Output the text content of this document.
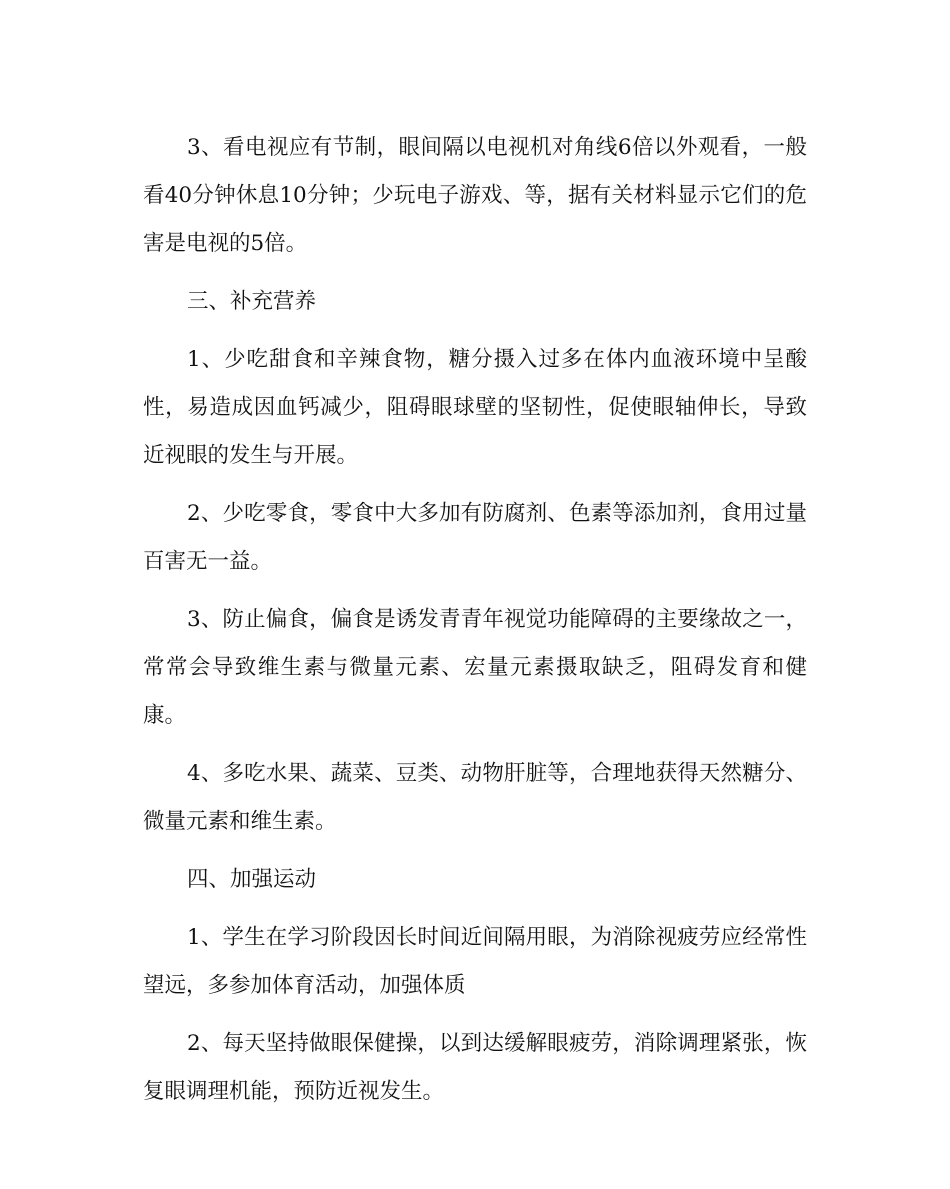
3、看电视应有节制，眼间隔以电视机对角线6倍以外观看，一般看40分钟休息10分钟；少玩电子游戏、等，据有关材料显示它们的危害是电视的5倍。

三、补充营养

1、少吃甜食和辛辣食物，糖分摄入过多在体内血液环境中呈酸性，易造成因血钙减少，阻碍眼球壁的坚韧性，促使眼轴伸长，导致近视眼的发生与开展。

2、少吃零食，零食中大多加有防腐剂、色素等添加剂，食用过量百害无一益。

3、防止偏食，偏食是诱发青青年视觉功能障碍的主要缘故之一，常常会导致维生素与微量元素、宏量元素摄取缺乏，阻碍发育和健康。

4、多吃水果、蔬菜、豆类、动物肝脏等，合理地获得天然糖分、微量元素和维生素。

四、加强运动

1、学生在学习阶段因长时间近间隔用眼，为消除视疲劳应经常性望远，多参加体育活动，加强体质

2、每天坚持做眼保健操，以到达缓解眼疲劳，消除调理紧张，恢复眼调理机能，预防近视发生。
